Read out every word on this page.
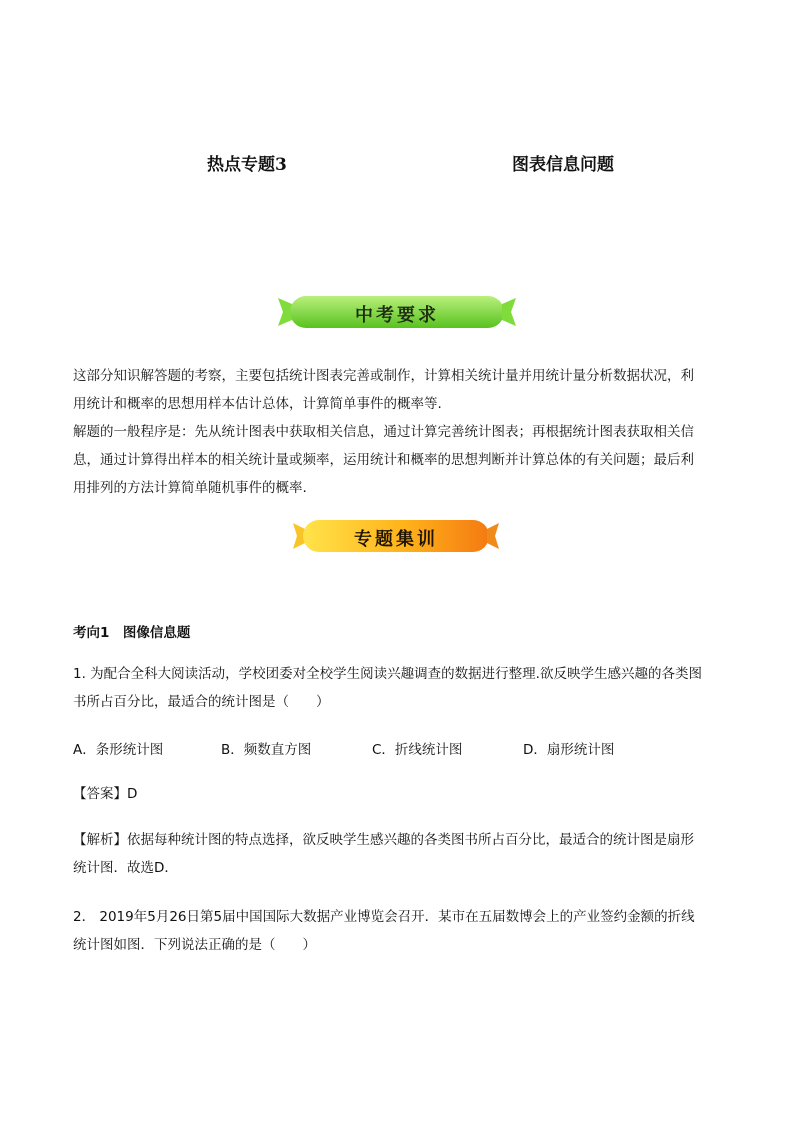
热点专题3	图表信息问题
中考要求
这部分知识解答题的考察，主要包括统计图表完善或制作，计算相关统计量并用统计量分析数据状况，利
用统计和概率的思想用样本估计总体，计算简单事件的概率等.
解题的一般程序是：先从统计图表中获取相关信息，通过计算完善统计图表；再根据统计图表获取相关信
息，通过计算得出样本的相关统计量或频率，运用统计和概率的思想判断并计算总体的有关问题；最后利
用排列的方法计算简单随机事件的概率.
专题集训
考向1　图像信息题
1. 为配合全科大阅读活动，学校团委对全校学生阅读兴趣调查的数据进行整理.欲反映学生感兴趣的各类图
书所占百分比，最适合的统计图是（　　）
A．条形统计图	B．频数直方图	C．折线统计图	D．扇形统计图
【答案】D
【解析】依据每种统计图的特点选择，欲反映学生感兴趣的各类图书所占百分比，最适合的统计图是扇形
统计图．故选D．
2． 2019年5月26日第5届中国国际大数据产业博览会召开．某市在五届数博会上的产业签约金额的折线
统计图如图．下列说法正确的是（　　）
